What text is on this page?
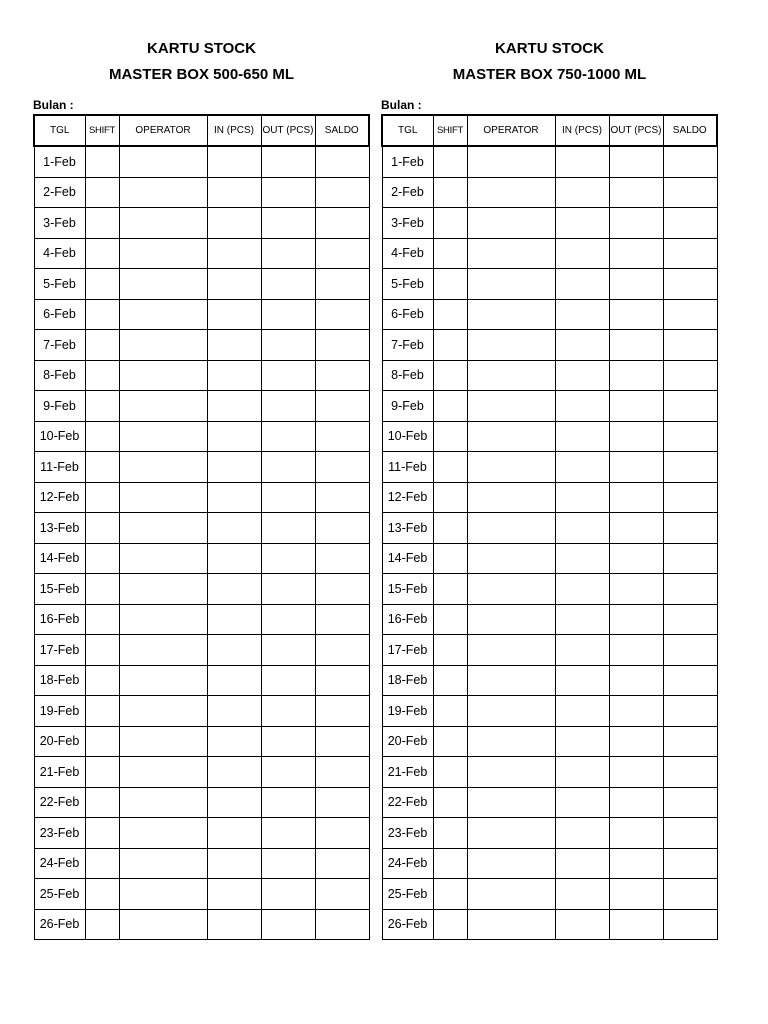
KARTU STOCK
MASTER BOX 500-650 ML
Bulan :
TGL	SHIFT	OPERATOR	IN (PCS)	OUT (PCS)	SALDO
1-Feb					
2-Feb					
3-Feb					
4-Feb					
5-Feb					
6-Feb					
7-Feb					
8-Feb					
9-Feb					
10-Feb					
11-Feb					
12-Feb					
13-Feb					
14-Feb					
15-Feb					
16-Feb					
17-Feb					
18-Feb					
19-Feb					
20-Feb					
21-Feb					
22-Feb					
23-Feb					
24-Feb					
25-Feb					
26-Feb					
KARTU STOCK
MASTER BOX 750-1000 ML
Bulan :
TGL	SHIFT	OPERATOR	IN (PCS)	OUT (PCS)	SALDO
1-Feb					
2-Feb					
3-Feb					
4-Feb					
5-Feb					
6-Feb					
7-Feb					
8-Feb					
9-Feb					
10-Feb					
11-Feb					
12-Feb					
13-Feb					
14-Feb					
15-Feb					
16-Feb					
17-Feb					
18-Feb					
19-Feb					
20-Feb					
21-Feb					
22-Feb					
23-Feb					
24-Feb					
25-Feb					
26-Feb					
